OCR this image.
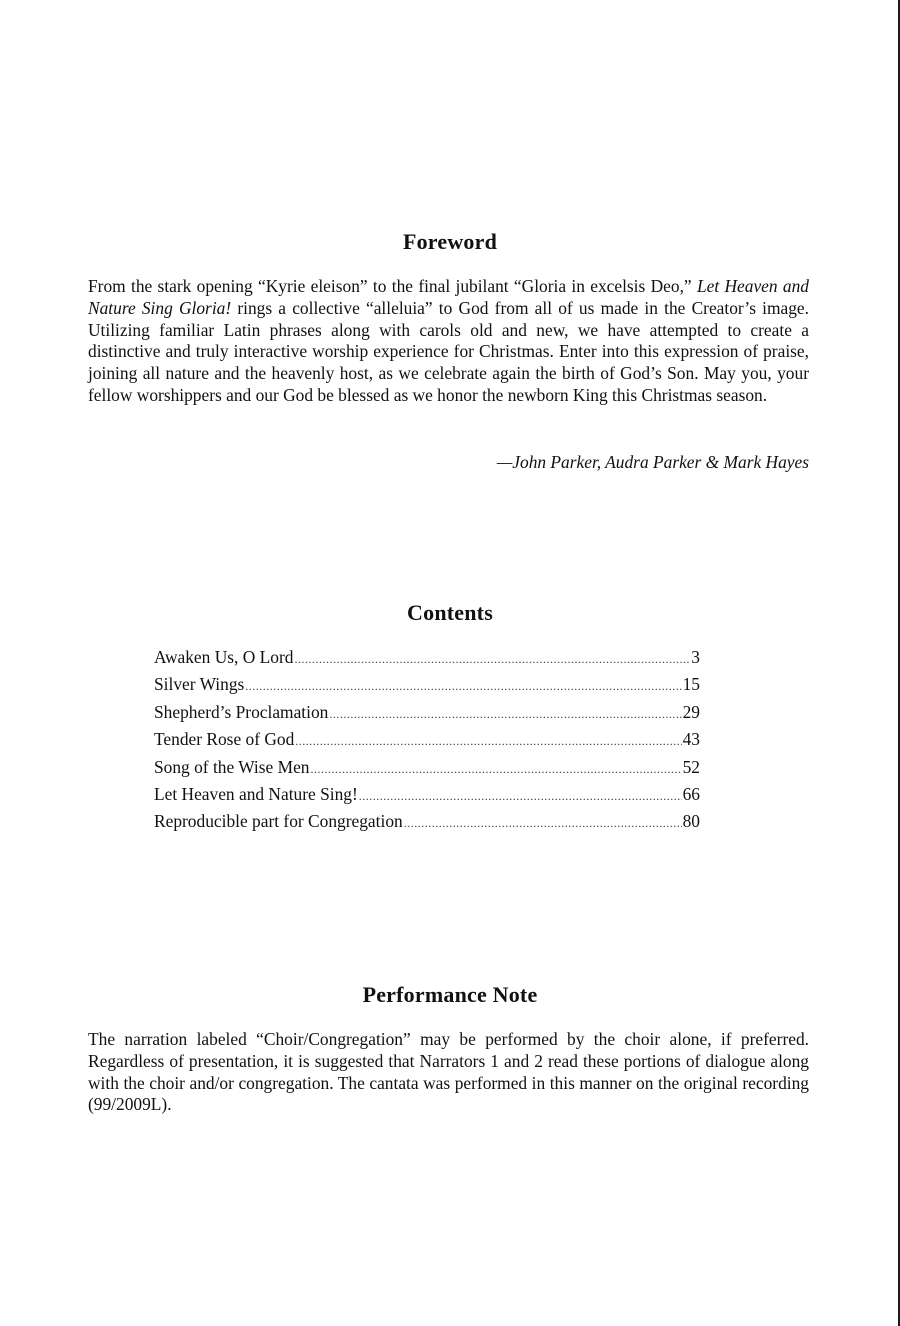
Foreword
From the stark opening “Kyrie eleison” to the final jubilant “Gloria in excelsis Deo,” Let Heaven and Nature Sing Gloria! rings a collective “alleluia” to God from all of us made in the Creator’s image. Utilizing familiar Latin phrases along with carols old and new, we have attempted to create a distinctive and truly interactive worship experience for Christmas. Enter into this expression of praise, joining all nature and the heavenly host, as we celebrate again the birth of God’s Son. May you, your fellow worshippers and our God be blessed as we honor the newborn King this Christmas season.
—John Parker, Audra Parker & Mark Hayes
Contents
Awaken Us, O Lord .....	3
Silver Wings .....	15
Shepherd’s Proclamation .....	29
Tender Rose of God .....	43
Song of the Wise Men .....	52
Let Heaven and Nature Sing! .....	66
Reproducible part for Congregation .....	80
Performance Note
The narration labeled “Choir/Congregation” may be performed by the choir alone, if preferred. Regardless of presentation, it is suggested that Narrators 1 and 2 read these portions of dialogue along with the choir and/or congregation. The cantata was performed in this manner on the original recording (99/2009L).
